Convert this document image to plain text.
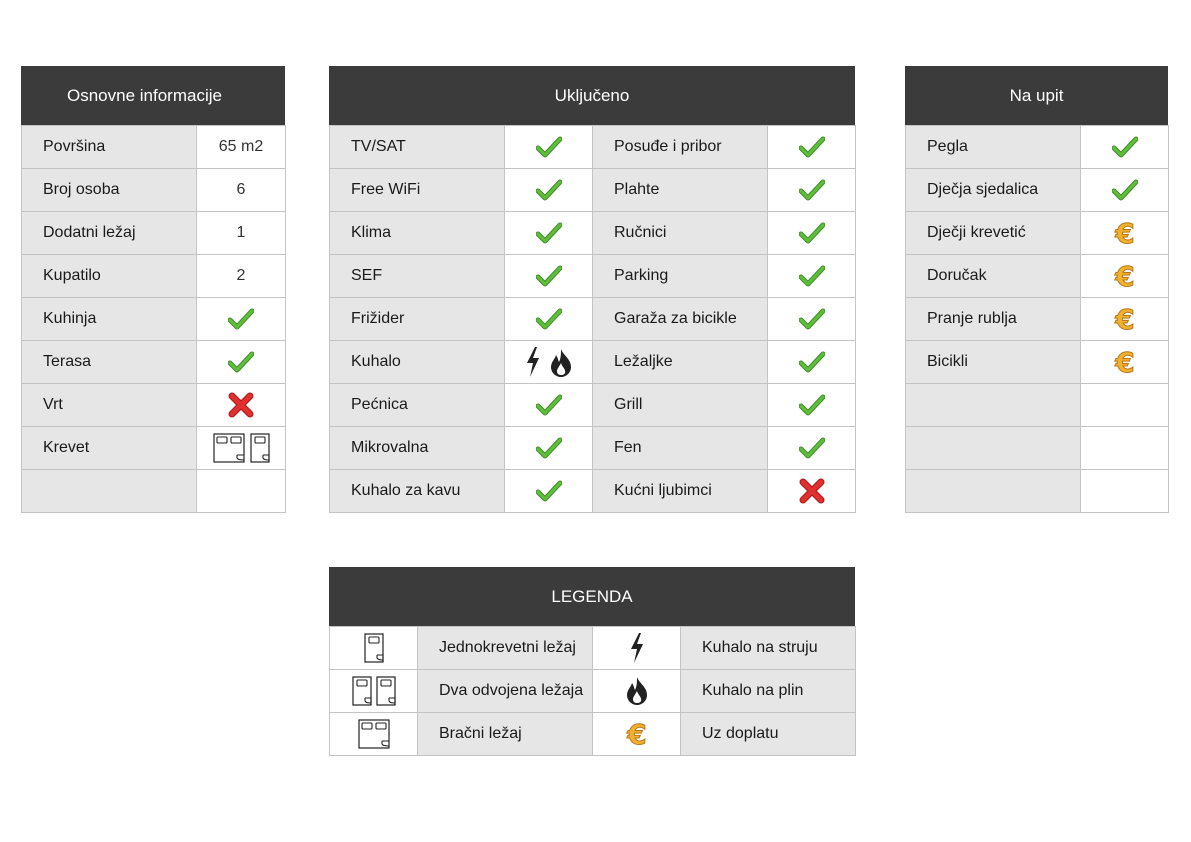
Osnovne informacije
Površina	65 m2
Broj osoba	6
Dodatni ležaj	1
Kupatilo	2
Kuhinja	
Terasa	
Vrt	
Krevet	

Uključeno
TV/SAT		Posuđe i pribor	
Free WiFi		Plahte	
Klima		Ručnici	
SEF		Parking	
Frižider		Garaža za bicikle	
Kuhalo		Ležaljke	
Pećnica		Grill	
Mikrovalna		Fen	
Kuhalo za kavu		Kućni ljubimci	
Na upit
Pegla	
Dječja sjedalica	
Dječji krevetić	€

Doručak	€

Pranje rublja	€

Bicikli	€

LEGENDA
	Jednokrevetni ležaj		Kuhalo na struju
	Dva odvojena ležaja		Kuhalo na plin
	Bračni ležaj	€	Uz doplatu
